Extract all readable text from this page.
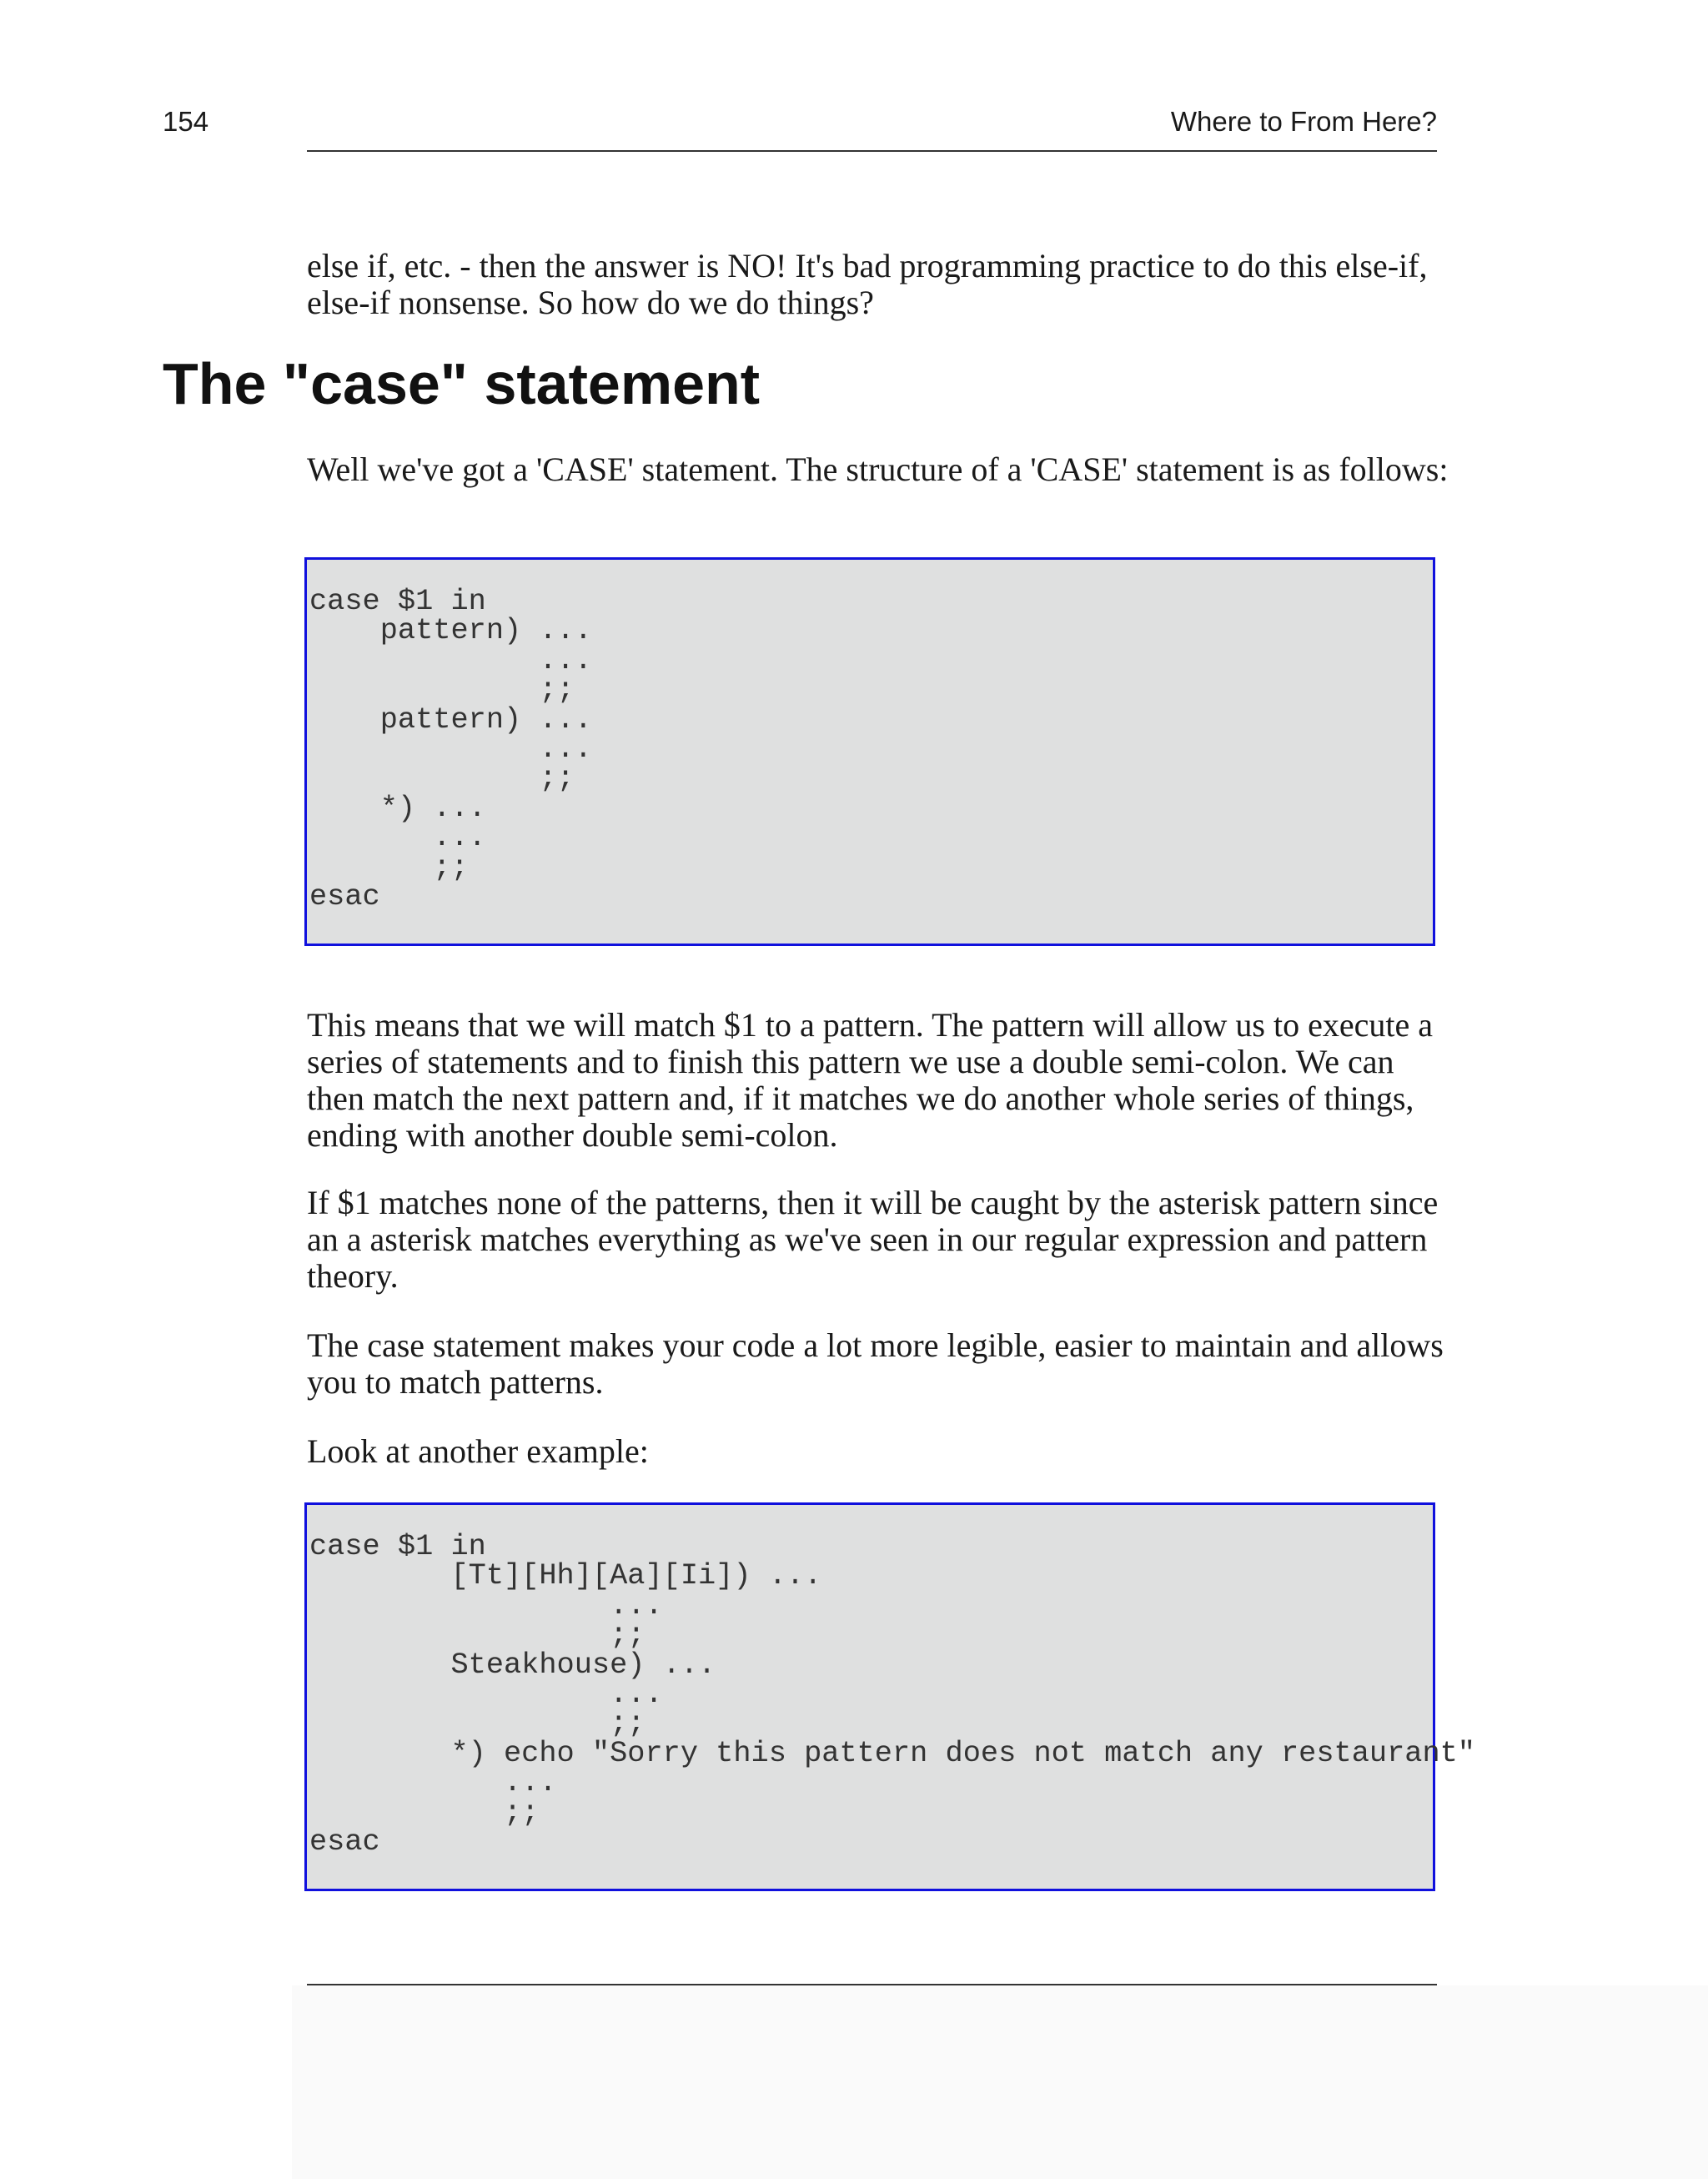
154	Where to From Here?

else if, etc. - then the answer is NO! It's bad programming practice to do this else-if, else-if nonsense. So how do we do things?

The "case" statement

Well we've got a 'CASE' statement. The structure of a 'CASE' statement is as follows:

case $1 in
pattern) ...
...
;;
pattern) ...
...
;;
*) ...
...
;;
esac

This means that we will match $1 to a pattern. The pattern will allow us to execute a series of statements and to finish this pattern we use a double semi-colon. We can then match the next pattern and, if it matches we do another whole series of things, ending with another double semi-colon.

If $1 matches none of the patterns, then it will be caught by the asterisk pattern since an a asterisk matches everything as we've seen in our regular expression and pattern theory.

The case statement makes your code a lot more legible, easier to maintain and allows you to match patterns.

Look at another example:

case $1 in
[Tt][Hh][Aa][Ii]) ...
...
;;
Steakhouse) ...
...
;;
*) echo "Sorry this pattern does not match any restaurant"
...
;;
esac
